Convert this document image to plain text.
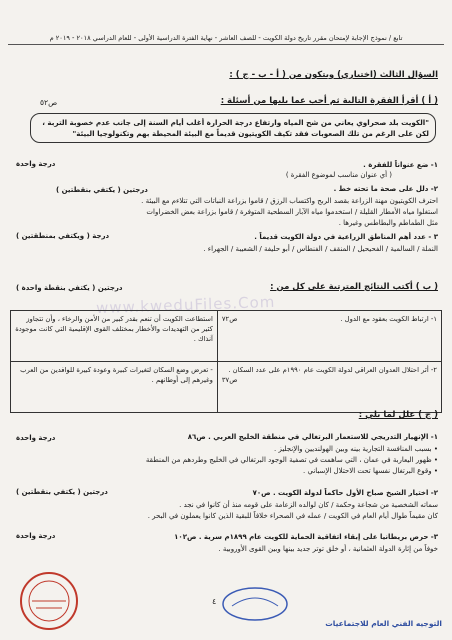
تابع / نموذج الإجابة لإمتحان مقرر تاريخ دولة الكويت - للصف العاشر - نهاية الفترة الدراسية الأولى - للعام الدراسي ٢٠١٨ - ٢٠١٩ م
السؤال الثالث (اختياري) ويتكون من ( أ - ب - ج ) :
( أ ) أقرأ الفقرة التالية ثم أجب عما يليها من أسئلة :
ص٥٢
"الكويت بلد صحراوي يعاني من شح المياه وارتفاع درجة الحرارة أغلب أيام السنة إلى جانب عدم خصوبة التربة ، لكن على الرغم من تلك الصعوبات فقد تكيف الكويتيون قديماً مع البيئة المحيطة بهم وتكنولوجيا البيئة"
١- ضع عنواناً للفقرة .
درجة واحدة
( أي عنوان مناسب لموضوع الفقرة )
٢- دلل على صحة ما تحته خط .
درجتين ( يكتفي بنقطتين )
احترف الكويتيون مهنة الزراعة بقصد الربح واكتساب الرزق / قاموا بزراعة النباتات التي تتلاءم مع البيئة .
استغلوا مياه الأمطار القليلة / استخدموا مياه الآبار السطحية المتوفرة / قاموا بزراعة بعض الخضراوات
مثل الطماطم والبطاطس وغيرها .
٣ - عدد أهم المناطق الزراعية في دولة الكويت قديماً .
درجة ( ويكتفي بمنطقتين )
النملة / السالمية / الفحيحيل / المنقف / الفنطاس / أبو حليفة / الشعيبة / الجهراء .
( ب ) أكتب النتائج المترتبة على كل من :
درجتين ( يكتفي بنقطة واحدة )
www.kweduFiles.Com
١- ارتباط الكويت بعقود مع الدول .
ص٧٢	استطاعت الكويت أن تنعم بقدر كبير من الأمن والرخاء ، وأن تتجاوز كثير من التهديدات والأخطار بمختلف القوى الإقليمية التي كانت موجودة آنذاك .
٢- أثر احتلال العدوان العراقي لدولة الكويت عام ١٩٩٠م على عدد السكان .

ص٣٧	- تعرض وضع السكان لتغيرات كبيرة وعودة كبيرة للوافدين من العرب وغيرهم إلى أوطانهم .
( ج ) علل لما يلي :
١- الإنهيار التدريجي للاستعمار البرتغالي في منطقة الخليج العربي . ص٨٦
درجة واحدة
• بسبب المنافسة التجارية بينه وبين الهولنديين والإنجليز .
• ظهور اليعاربة في عمان ، التي ساهمت في تصفية الوجود البرتغالي في الخليج وطردهم من المنطقة
• وقوع البرتغال نفسها تحت الاحتلال الإسباني .
٢- اختيار الشيخ صباح الأول حاكماً لدولة الكويت . ص٧٠
درجتين ( يكتفي بنقطتين )
سماته الشخصية من شجاعة وحكمة / كان لوالده الزعامة على قومه منذ أن كانوا في نجد .
كان مقيماً طوال أيام العام في الكويت / عمله في الصحراء خلافاً للبقية الذين كانوا يعملون في البحر .
٣- حرص بريطانيا على إبقاء اتفاقية الحماية للكويت عام ١٨٩٩م سرية . ص١٠٢
درجة واحدة
خوفاً من إثارة الدولة العثمانية ، أو خلق توتر جديد بينها وبين القوى الأوروبية .
٤
التوجيه الفني العام للاجتماعيات
